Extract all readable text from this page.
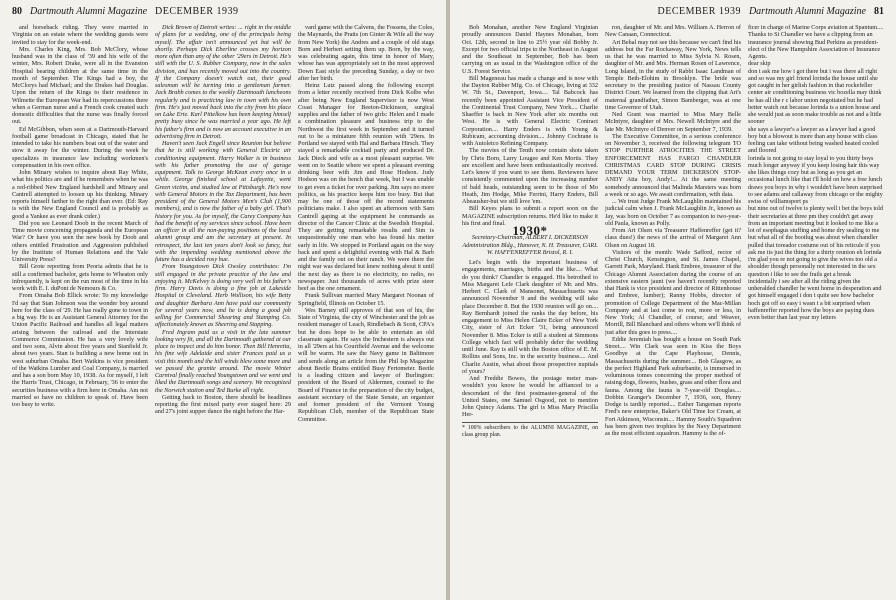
80 Dartmouth Alumni Magazine DECEMBER 1939

and horseback riding. They were married in Virginia on an estate where the wedding guests were invited to stay for the week-end.

Mrs. Charles King, Mrs. Bob McClory, whose husband was in the class of '39 and his wife of the winter, Mrs. Robert Drake, were all in the Evanston Hospital bearing children at the same time in the month of September. The Kings had a boy, the McClorys had Michael; and the Drakes had Douglas. Upon the return of the Kings to their residence in Wilmette the European War had its repercussions there when a German nurse and a French cook created such domestic difficulties that the nurse was finally forced out.

Ed McGibbon, when seen at a Dartmouth-Harvard football game broadcast in Chicago, stated that he intended to take his numbers boat out of the water and stow it away for the winter. During the week he specializes in insurance law including workmen's compensation in his own office.

John Minary wishes to inquire about Ray White, what his politics are and if he remembers when he was a red-ribbed New England hardshell and Minary and Cantrell attempted to loosen up his thinking. Minary reports himself farther to the right than ever. (Ed: Ray is with the New England Council and is probably as good a Yankee as ever drank cider.)

Did you see Leonard Doob in the recent March of Time movie concerning propaganda and the European War? Or have you seen the new book by Doob and others entitled Frustration and Aggression published by the Institute of Human Relations and the Yale University Press?

Bill Grote reporting from Peoria admits that he is still a confirmed bachelor, gets home to Wheaton only infrequently, is kept on the run most of the time in his work with E. I. duPont de Nemours & Co.

From Omaha Bob Ellick wrote: To my knowledge I'd say that Stan Johnson was the wonder boy around here for the class of '29. He has really gone to town in a big way. He is an Assistant General Attorney for the Union Pacific Railroad and handles all legal matters arising between the railroad and the Interstate Commerce Commission. He has a very lovely wife and two sons, Alvin about five years and Stanfield Jr. about two years. Stan is building a new home out in west suburban Omaha. Bert Watkins is vice president of the Watkins Lumber and Coal Company, is married and has a son born May 10, 1938. As for myself, I left the Harris Trust, Chicago, in February, '36 to enter the securities business with a firm here in Omaha. Am not married so have no children to speak of. Have been too busy to write.

Dick Brown of Detroit writes: ... right in the middle of plans for a wedding, one of the principals being myself. The affair isn't announced yet but will be shortly. Perhaps Dick Eberline crosses my horizon more often than any of the other '29ers in Detroit. He's still with the U. S. Rubber Company, now in the sales division, and has recently moved out into the country. If the Company doesn't watch out, their good salesman will be turning into a gentleman farmer. Jack Brabb comes to the weekly Dartmouth luncheons regularly and is practicing law in town with his own firm. He's just moved back into the city from his place on Lake Erie. Karl Pittelkow has been keeping himself pretty busy since he was married a year ago. He left his father's firm and is now an account executive in an advertising firm in Detroit.

Haven't seen Jack Engell since Reunion but believe that he is still working with General Electric air conditioning equipment. Harry Walker is in business with his father promoting the use of garage equipment. Talk to George McKean every once in a while. George finished school at Lafayette, went Green victim, and studied law at Pittsburgh. He's now with General Motors in the Tax Department, has been president of the General Motors Men's Club (1,900 members), and is now the father of a baby girl. That's history for you. As for myself, the Carey Company has had the benefit of my services since school. Have been an officer in all the non-paying positions of the local alumni group and am the secretary at present. In retrospect, the last ten years don't look so fancy, but with the impending wedding mentioned above the future has a decided rosy hue.

From Youngstown Dick Owsley contributes: I'm still engaged in the private practice of the law and enjoying it. McKelvey is doing very well in his father's firm. Harry Davis is doing a fine job at Lakeside Hospital in Cleveland. Herb Wollison, his wife Betty and daughter Barbara Ann have paid our community for several years now, and he is doing a good job selling for Commercial Shearing and Stamping Co. affectionately known as Sheering and Stapping.

Fred Ingram paid us a visit in the late summer looking very fit, and all the Dartmouth gathered at our place to inspect and do him honor. Then Bill Henretta, his fine wife Adelaide and sister Frances paid us a visit this month and the hill winds blew some more and we passed the granite around. The movie Winter Carnival finally reached Youngstown and we went and liked the Dartmouth songs and scenery. We recognized the Norwich station and Ted Burke all right.

Getting back to Boston, there should be headlines reporting the first mixed party ever staged here: 29 and 27's joint supper dance the night before the Har-

vard game with the Calvens, the Fossens, the Coles, the Maynards, the Pratts (on Ginter & Wife all the way from New York) the Andres and a couple of old stags Born and Herbert setting them up. Born, by the way, was celebrating again, this time in honor of Mary, whose has was appropriately set in the most approved Down East style the preceding Sunday, a day or two after her birth.

Heinz Lutz passed along the following excerpt from a letter recently received from Dick Kolbe who after being New England Supervisor is now West Coast Manager for Beeton-Dickinson, surgical supplies and the father of two girls: Helen and I made a combination pleasure and business trip to the Northwest the first week in September and it turned out to be a miniature fifth reunion with '29ers. In Portland we stayed with Hal and Barbara Hirsch. They stayed a remarkable cocktail party and produced Dr. Jack Dieck and wife as a most pleasant surprise. We went on to Seattle where we spent a pleasant evening drinking beer with Jim and Hose Hodson. Judy Hodson was on the bench that week, but I was unable to get even a ticket for over parking. Jim says no more politics, as his practice keeps him too busy. But that may be one of those off the record statements politicians make. I also spent an afternoon with Sam Cantrell gaping at the equipment he commands as director of the Cancer Clinic at the Swedish Hospital. They are getting remarkable results and Sim is unquestionably one man who has found his metier early in life. We stopped in Portland again on the way back and spent a delightful evening with Hal & Barb and the family out on their ranch. We were there the night war was declared but knew nothing about it until the next day as there is no electricity, no radio, no newspaper. Just thousands of acres with prize steer beef as the one ornament.

Frank Sullivan married Mary Margaret Noonan of Springfield, Illinois on October 15.

Wes Barney still approves of that son of his, the State of Virginia, the city of Winchester and the job as resident manager of Leach, Rindlebach & Scott, CPA's but he does hope to be able to entertain an old classmate again. He says the Inchestern is always out in all '29ers at his Courtfield Avenue and the welcome will be warm. He saw the Navy game in Baltimore and sends along an article from the Phil Isp Magazine about Beetle Brains entitled Busy Fertometer. Beetle is a leading citizen and lawyer of Burlington: president of the Board of Aldermen, counsel to the Board of Finance in the preparation of the city budget, assistant secretary of the State Senate, an organizer and former president of the Vermont Young Republican Club, member of the Republican State Committee.

DECEMBER 1939 Dartmouth Alumni Magazine 81

Bob Monahan, another New England Virginian proudly announces Daniel Haynes Monahan, born Oct. 12th, second in line to 25½ year old Bobby Jr. Except for two official trips to the Northeast in August and the Southeast in September, Bob has been carrying on as usual in the Washington office of the U.S. Forest Service.

Bill Mageneau has made a change and is now with the Dayton Rubber Mfg. Co. of Chicago, living at 332 W. 7th St., Davenport, Iowa.... Tal Babcock has recently been appointed Assistant Vice President of the Continental Trust Company, New York.... Charlie Shaeffer is back in New York after six months out West. He is with General Electric Contract Corporation.... Harry Enders is with Young & Rubicam, accounting division.... Johnny Cochrane is with Autoletco Refining Company.

The movies of the Tenth now contain shots taken by Chris Born, Larry Lougee and Ken Mortis. They are excellent and have been enthusiastically received. Let's know if you want to see them. Reviewers have consistently commented upon the increasing number of bald heads, outstanding seem to be those of Mo Heath, Jim Hodge, Mike Ferrini, Harry Enders, Bill Abeausher-but we still love 'em.

Bill Keyes plans to submit a report soon on the MAGAZINE subscription returns. He'd like to make it his first and final. 1930*

Secretary-Chairman, ALBERT I. DICKERSON Administration Bldg., Hanover, N. H. Treasurer, CARL W. HAFFENREFFER Bristol, R. I.

Let's begin with the important business of engagements, marriages, births and the like.... What do you think? Chandler is engaged. His betrothed to Miss Margaret Lefe Clark daughter of Mr. and Mrs. Herbert C. Clark of Mansonet, Massachusetts was announced November 9 and the wedding will take place December 8. But the 1930 reunion will go on.... Ray Bernhardt joined the ranks the day before, his engagement to Miss Helen Claire Ecker of New York City, sister of Art Ecker '31, being announced November 8. Miss Ecker is still a student at Simmons College which fact will probably defer the wedding until June. Ray is still with the Boston office of E. M. Rollins and Sons, Inc. in the security business.... And Charlie Austin, what about those prospective nuptials of yours?

And Freddie Bowes, the postage meter man-wouldn't you know he would be affianced to a descendant of the first postmaster-general of the United States, one Samuel Osgood, not to mention John Quincy Adams. The girl is Miss Mary Priscilla Her-

* 100% subscribers to the ALUMNI MAGAZINE, on class group plan.

ron, daughter of Mr. and Mrs. William A. Herron of New Canaan, Connecticut.

Art Behal may not see this because we can't find his address but the Far Rockaway, New York, News tells us that he was married to Miss Sylvia N. Rosen, daughter of Mr. and Mrs. Herman Rosen of Lawrence, Long Island, in the study of Rabbi Isaac Landman of Temple Beth-Elohim in Brooklyn. The bride was secretary to the presiding justice of Nassau County District Court. We learned from the clipping that Art's maternal grandfather, Simon Bamberger, was at one time Governor of Utah.

Ned Grant was married to Miss Mary Belle McIntyre, daughter of Mrs. Newell McIntyre and the late Mr. McIntyre of Denver on September 7, 1939.

The Executive Committee, in a serious conference on November 3, received the following telegram TO STOP FURTHER ATROCITIES THE STREET ENFORCEMENT HAS FARGO CHANDLER CHRISTMAS CARD STOP DURING CRISIS DEMAND YOUR TERM DICKERSON STOP-ANDY Atta boy, Andy!... At the same meeting somebody announced that Malinda Marsters was born a week or so ago. We await confirmation, with data.

... We trust Judge Frank McLaughlin maintained his judicial calm when J. Frank McLaughlin Jr., known as Jay, was born on October 7 as companion to two-year-old Paula, known as Polly.

From Art Olsen via Treasurer Haffenreffer (get it? class dues!) the news of the arrival of Margaret Ann Olsen on August 18.

Visitors of the month: Wade Safford, rector of Christ Church, Kensington, and St. James Chapel, Garrett Park, Maryland. Hank Embree, treasurer of the Chicago Alumni Association during the course of an extensive eastern jaunt (we haven't recently reported that Hank is vice president and director of Rittenhouse and Embree, lumber); Ranny Hobbs, director of promotion of College Department of the Mac-Millan Company and at last come to rest, more or less, in New York; Al Chandler, of course; and Weaver, Morrill, Bill Blanchard and others whom we'll think of just after this goes to press....

Eddie Jeremiah has bought a house on South Park Street.... Win Clark was seen in Kiss the Boys Goodbye at the Cape Playhouse, Dennis, Massachusetts during the summer.... Bob Glasgow, as the perfect Highland Park suburbanite, is immersed in voluminous tomes concerning the proper method of raising dogs, flowers, bushes, grass and other flora and fauna. Among the fauna is 7-year-old Douglas.... Dobbin Granger's December 7, 1936, son, Henry Dodge is tardily reported.... Esther Tangeman reports Fred's new enterprise, Baker's Old Time Ice Cream, at Fort Atkinson, Wisconsin.... Hammy South's Squadron has been given two trophies by the Navy Department as the most efficient squadron. Hammy is the of-

ficer in charge of Marine Corps aviation at Spantum.... Thanks to Si Chandler we have a clipping from an insurance journal showing Bud Perkins as president-elect of the New Hampshire Association of Insurance Agents.

dear skip

don t ask me how i got there but i was there all right and so was my girl friend lorinda the house until she got caught in her girlish fashion in that rockefeller center air conditioning business vic bozella may think he has all the r c labor union negotiated but he had better watch out because lorinda is a union house and she would just as soon make trouble as not and a little sooner

she says a lawyer's a lawyer as a lawyer had a good boy but a blowout is more than any house with class feeling can take without being washed heated cooled and floored

lorinda is not going to stay loyal to you thirty boys much longer anyway if you keep losing hair this way she likes things cozy but as long as you get an occasional lunch like that i'll hold on how a free lunch draws you boys in why i wouldn't have been surprised to see adams and callaway from chicago or the mighty swiss of williamsport ps

but nine out of twelve is plenty well i bet the boys told their secretaries at three pm they couldn't get away from an important meeting but it looked to me like a lot of esophagus stuffing and home dry sealing to me but what all of the bootlug was about when chandler pulled that toreador costume out of his reticule if you ask me its just the thing for a thirty reunion eh lorinda i'm glad you re not going to give the wives too old a shoulder though personally not interested in the sex question i like to see the frails get a break

incidentally i see after all the riding given the unheralded chandler he went home in desperation and got himself engaged i don t quite see how bachelor hoch got off so easy i wasn t a bit surprised when haffenreffer reported how the boys are paying dues even better than last year my letters
